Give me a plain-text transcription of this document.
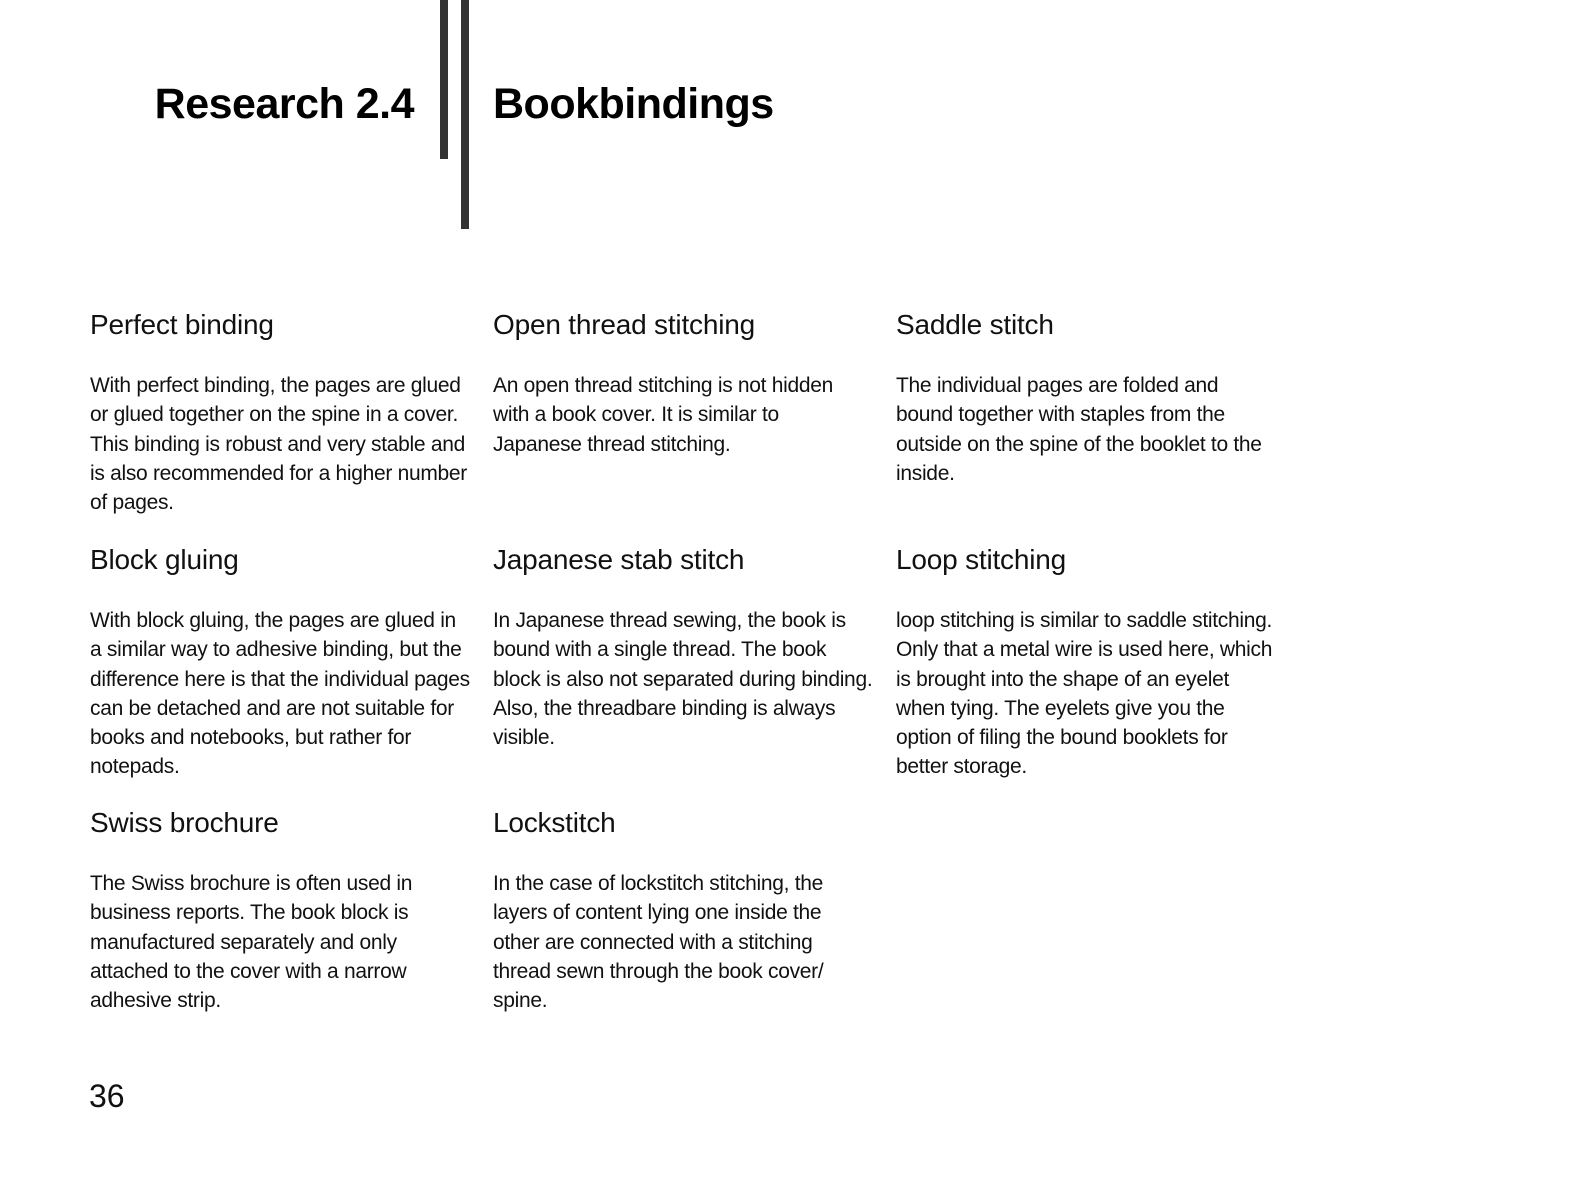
Research 2.4 Bookbindings
Perfect binding

With perfect binding, the pages are glued or glued together on the spine in a cover. This binding is robust and very stable and is also recommended for a higher number of pages.

Open thread stitching

An open thread stitching is not hidden with a book cover. It is similar to Japanese thread stitching.

Saddle stitch

The individual pages are folded and bound together with staples from the outside on the spine of the booklet to the inside.

Block gluing

With block gluing, the pages are glued in a similar way to adhesive binding, but the difference here is that the individual pages can be detached and are not suitable for books and notebooks, but rather for notepads.

Japanese stab stitch

In Japanese thread sewing, the book is bound with a single thread. The book block is also not separated during binding. Also, the threadbare binding is always visible.

Loop stitching

loop stitching is similar to saddle stitching. Only that a metal wire is used here, which is brought into the shape of an eyelet when tying. The eyelets give you the option of filing the bound booklets for better storage.

Swiss brochure

The Swiss brochure is often used in business reports. The book block is manufactured separately and only attached to the cover with a narrow adhesive strip.

Lockstitch

In the case of lockstitch stitching, the layers of content lying one inside the other are connected with a stitching thread sewn through the book cover/ spine.

36
